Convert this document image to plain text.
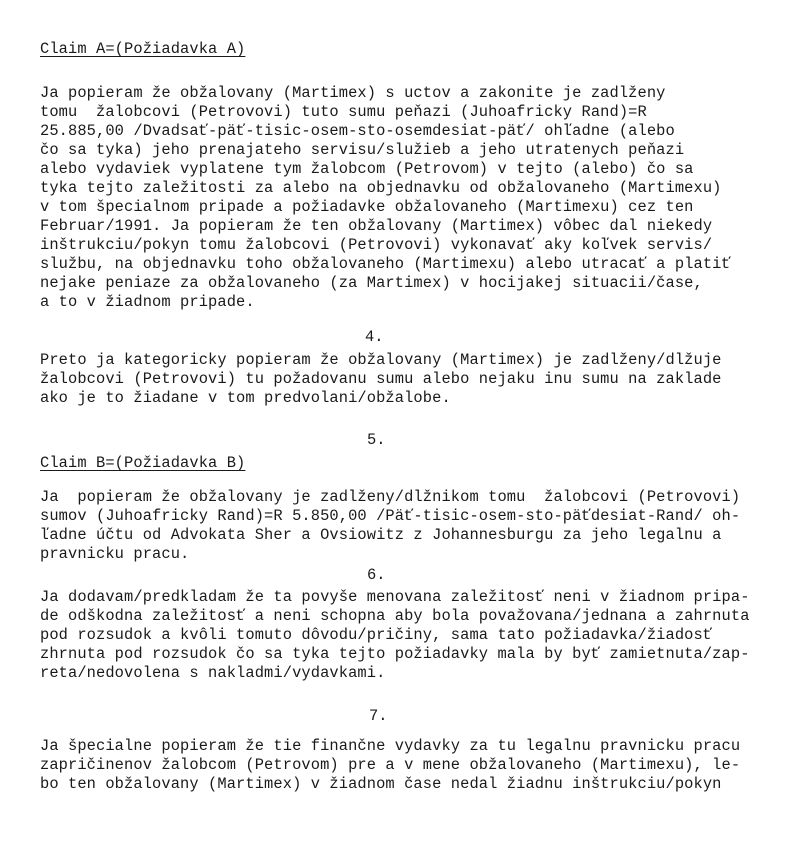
Claim A=(Požiadavka A)

Ja popieram že obžalovany (Martimex) s uctov a zakonite je zadlženy

tomu  žalobcovi (Petrovovi) tuto sumu peňazi (Juhoafricky Rand)=R

25.885,00 /Dvadsať-päť-tisic-osem-sto-osemdesiat-päť/ ohľadne (alebo

čo sa tyka) jeho prenajateho servisu/služieb a jeho utratenych peňazi

alebo vydaviek vyplatene tym žalobcom (Petrovom) v tejto (alebo) čo sa

tyka tejto zaležitosti za alebo na objednavku od obžalovaneho (Martimexu)

v tom špecialnom pripade a požiadavke obžalovaneho (Martimexu) cez ten

Februar/1991. Ja popieram že ten obžalovany (Martimex) vôbec dal niekedy

inštrukciu/pokyn tomu žalobcovi (Petrovovi) vykonavať aky koľvek servis/

službu, na objednavku toho obžalovaneho (Martimexu) alebo utracať a platiť

nejake peniaze za obžalovaneho (za Martimex) v hocijakej situacii/čase,

a to v žiadnom pripade.

4.

Preto ja kategoricky popieram že obžalovany (Martimex) je zadlženy/dlžuje

žalobcovi (Petrovovi) tu požadovanu sumu alebo nejaku inu sumu na zaklade

ako je to žiadane v tom predvolani/obžalobe.

5.

Claim B=(Požiadavka B)

Ja  popieram že obžalovany je zadlženy/dlžnikom tomu  žalobcovi (Petrovovi)

sumov (Juhoafricky Rand)=R 5.850,00 /Päť-tisic-osem-sto-päťdesiat-Rand/ oh-

ľadne účtu od Advokata Sher a Ovsiowitz z Johannesburgu za jeho legalnu a

pravnicku pracu.

6.

Ja dodavam/predkladam že ta povyše menovana zaležitosť neni v žiadnom pripa-

de odškodna zaležitosť a neni schopna aby bola považovana/jednana a zahrnuta

pod rozsudok a kvôli tomuto dôvodu/pričiny, sama tato požiadavka/žiadosť

zhrnuta pod rozsudok čo sa tyka tejto požiadavky mala by byť zamietnuta/zap-

reta/nedovolena s nakladmi/vydavkami.

7.

Ja špecialne popieram že tie finančne vydavky za tu legalnu pravnicku pracu

zapričinenov žalobcom (Petrovom) pre a v mene obžalovaneho (Martimexu), le-

bo ten obžalovany (Martimex) v žiadnom čase nedal žiadnu inštrukciu/pokyn
